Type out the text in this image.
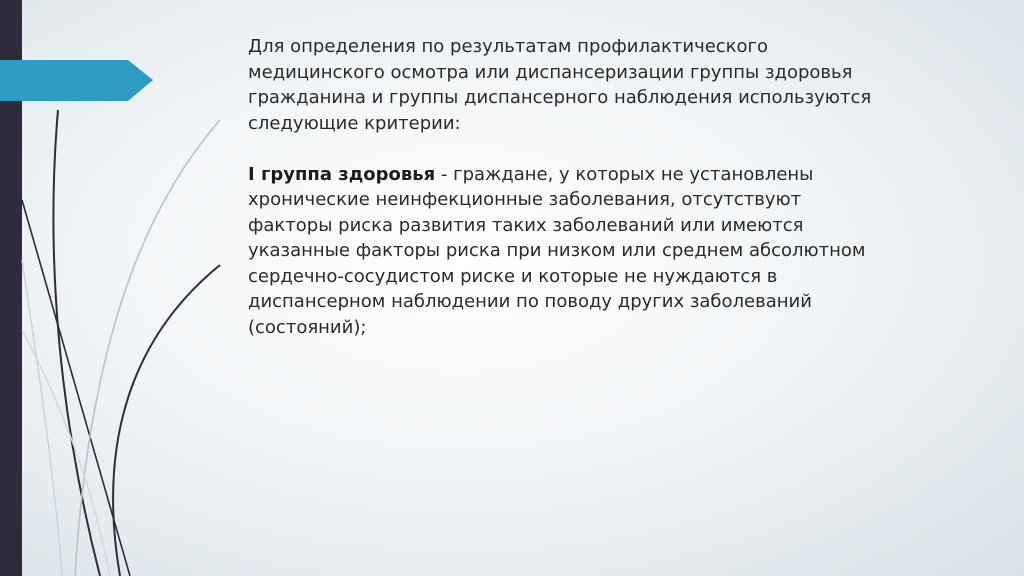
Для определения по результатам профилактического медицинского осмотра или диспансеризации группы здоровья гражданина и группы диспансерного наблюдения используются следующие критерии:

I группа здоровья - граждане, у которых не установлены хронические неинфекционные заболевания, отсутствуют факторы риска развития таких заболеваний или имеются указанные факторы риска при низком или среднем абсолютном сердечно-сосудистом риске и которые не нуждаются в диспансерном наблюдении по поводу других заболеваний (состояний);
